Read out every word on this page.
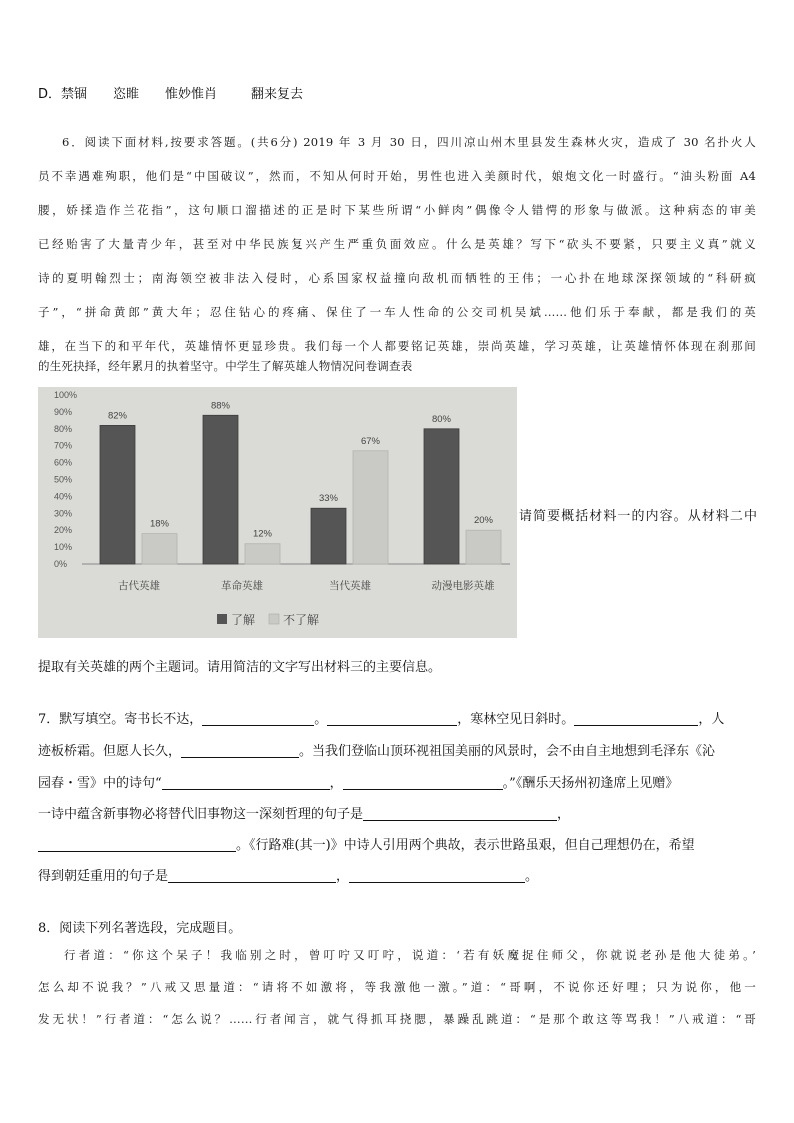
D．禁锢 恣睢 惟妙惟肖	翻来复去
6．阅读下面材料,按要求答题。(共6分) 2019 年 3 月 30 日，四川凉山州木里县发生森林火灾，造成了 30 名扑火人
员不幸遇难殉职，他们是“中国破议”，然而，不知从何时开始，男性也进入美颜时代，娘炮文化一时盛行。“油头粉面 A4
腰，娇揉造作兰花指”，这句顺口溜描述的正是时下某些所谓“小鲜肉”偶像令人错愕的形象与做派。这种病态的审美
已经贻害了大量青少年，甚至对中华民族复兴产生严重负面效应。什么是英雄？写下“砍头不要紧，只要主义真”就义
诗的夏明翰烈士；南海领空被非法入侵时，心系国家权益撞向敌机而牺牲的王伟；一心扑在地球深探领域的“科研疯
子”，“拼命黄郎”黄大年；忍住钻心的疼痛、保住了一车人性命的公交司机吴斌……他们乐于奉献，都是我们的英
雄，在当下的和平年代，英雄情怀更显珍贵。我们每一个人都要铭记英雄，崇尚英雄，学习英雄，让英雄情怀体现在刹那间
的生死抉择，经年累月的执着坚守。中学生了解英雄人物情况问卷调查表
0%
10%
20%
30%
40%
50%
60%
70%
80%
90%
100%
82%
18%
古代英雄
88%
12%
革命英雄
33%
67%
当代英雄
80%
20%
动漫电影英雄
了解 不了解
请简要概括材料一的内容。从材料二中
提取有关英雄的两个主题词。请用简洁的文字写出材料三的主要信息。
7．默写填空。寄书长不达，	。	，寒林空见日斜时。	，人
迹板桥霜。但愿人长久，	。当我们登临山顶环视祖国美丽的风景时，会不由自主地想到毛泽东《沁
园春・雪》中的诗句“	，	。”《酬乐天扬州初逢席上见赠》
一诗中蕴含新事物必将替代旧事物这一深刻哲理的句子是	，
。《行路难(其一)》中诗人引用两个典故，表示世路虽艰，但自己理想仍在，希望
得到朝廷重用的句子是	，	。
8．阅读下列名著选段，完成题目。
行者道：“你这个呆子！我临别之时，曾叮咛又叮咛，说道：‘若有妖魔捉住师父，你就说老孙是他大徒弟。’
怎么却不说我？”八戒又思量道：“请将不如激将，等我激他一激。”道：“哥啊，不说你还好哩；只为说你，他一
发无状！”行者道：“怎么说？……行者闻言，就气得抓耳挠腮，暴躁乱跳道：“是那个敢这等骂我！”八戒道：“哥
